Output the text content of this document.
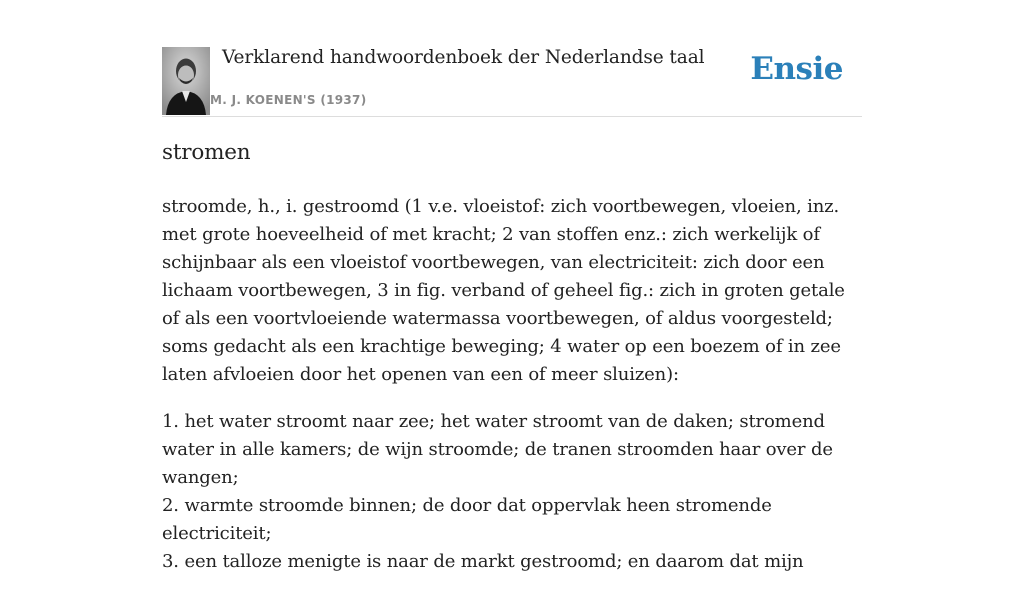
Verklarend handwoordenboek der Nederlandse taal
M. J. KOENEN'S (1937)
Ensie
stromen

stroomde, h., i. gestroomd (1 v.e. vloeistof: zich voortbewegen, vloeien, inz. met grote hoeveelheid of met kracht; 2 van stoffen enz.: zich werkelijk of schijnbaar als een vloeistof voortbewegen, van electriciteit: zich door een lichaam voortbewegen, 3 in fig. verband of geheel fig.: zich in groten getale of als een voortvloeiende watermassa voortbewegen, of aldus voorgesteld; soms gedacht als een krachtige beweging; 4 water op een boezem of in zee laten afvloeien door het openen van een of meer sluizen):

1. het water stroomt naar zee; het water stroomt van de daken; stromend water in alle kamers; de wijn stroomde; de tranen stroomden haar over de wangen;
2. warmte stroomde binnen; de door dat oppervlak heen stromende electriciteit;
3. een talloze menigte is naar de markt gestroomd; en daarom dat mijn
